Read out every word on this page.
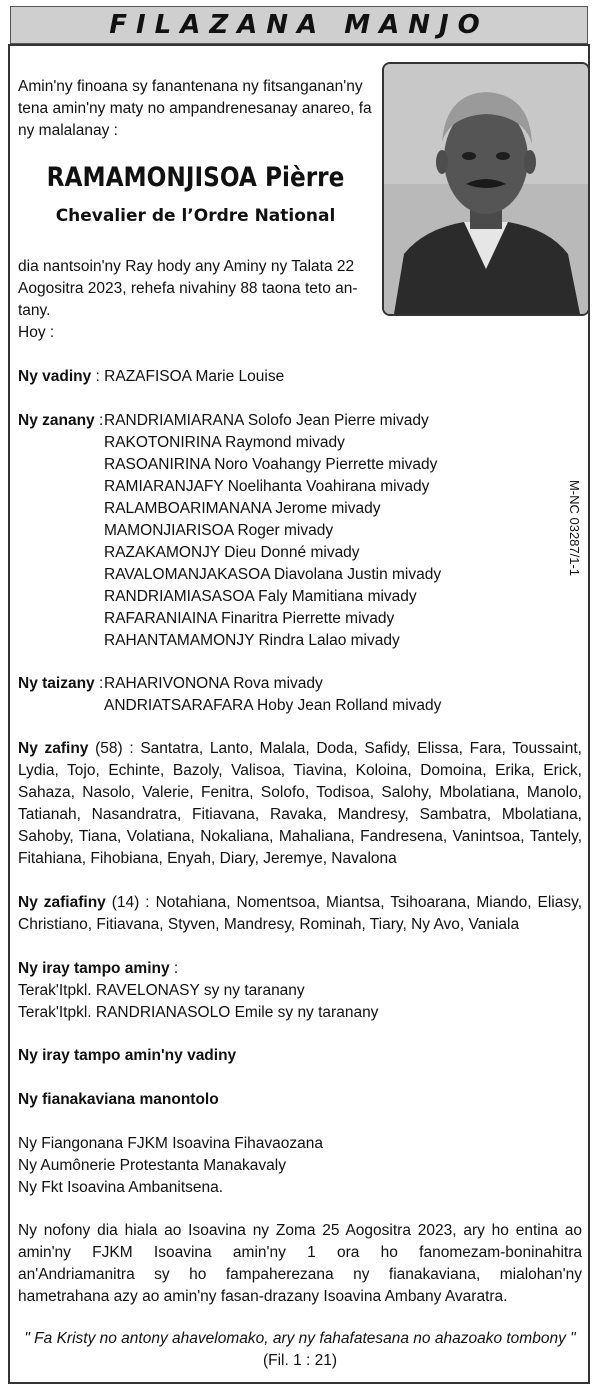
FILAZANA MANJO
Amin'ny finoana sy fanantenana ny fitsanganan'ny tena amin'ny maty no ampandrenesanay anareo, fa ny malalanay :
RAMAMONJISOA Pièrre
Chevalier de l’Ordre National
dia nantsoin'ny Ray hody any Aminy ny Talata 22 Aogositra 2023, rehefa nivahiny 88 taona teto an-tany.
Hoy :
Ny vadiny : RAZAFISOA Marie Louise
Ny zanany : RANDRIAMIARANA Solofo Jean Pierre mivady
RAKOTONIRINA Raymond mivady
RASOANIRINA Noro Voahangy Pierrette mivady
RAMIARANJAFY Noelihanta Voahirana mivady
RALAMBOARIMANANA Jerome mivady
MAMONJIARISOA Roger mivady
RAZAKAMONJY Dieu Donné mivady
RAVALOMANJAKASOA Diavolana Justin mivady
RANDRIAMIASASOA Faly Mamitiana mivady
RAFARANIAINA Finaritra Pierrette mivady
RAHANTAMAMONJY Rindra Lalao mivady
Ny taizany : RAHARIVONONA Rova mivady
ANDRIATSARAFARA Hoby Jean Rolland mivady
Ny zafiny (58) : Santatra, Lanto, Malala, Doda, Safidy, Elissa, Fara, Toussaint, Lydia, Tojo, Echinte, Bazoly, Valisoa, Tiavina, Koloina, Domoina, Erika, Erick, Sahaza, Nasolo, Valerie, Fenitra, Solofo, Todisoa, Salohy, Mbolatiana, Manolo, Tatianah, Nasandratra, Fitiavana, Ravaka, Mandresy, Sambatra, Mbolatiana, Sahoby, Tiana, Volatiana, Nokaliana, Mahaliana, Fandresena, Vanintsoa, Tantely, Fitahiana, Fihobiana, Enyah, Diary, Jeremye, Navalona
Ny zafiafiny (14) : Notahiana, Nomentsoa, Miantsa, Tsihoarana, Miando, Eliasy, Christiano, Fitiavana, Styven, Mandresy, Rominah, Tiary, Ny Avo, Vaniala
Ny iray tampo aminy :
Terak'Itpkl. RAVELONASY sy ny taranany
Terak'Itpkl. RANDRIANASOLO Emile sy ny taranany
Ny iray tampo amin'ny vadiny
Ny fianakaviana manontolo
Ny Fiangonana FJKM Isoavina Fihavaozana
Ny Aumônerie Protestanta Manakavaly
Ny Fkt Isoavina Ambanitsena.
Ny nofony dia hiala ao Isoavina ny Zoma 25 Aogositra 2023, ary ho entina ao amin'ny FJKM Isoavina amin'ny 1 ora ho fanomezam-boninahitra an'Andriamanitra sy ho fampaherezana ny fianakaviana, mialohan'ny hametrahana azy ao amin'ny fasan-drazany Isoavina Ambany Avaratra.
" Fa Kristy no antony ahavelomako, ary ny fahafatesana no ahazoako tombony "
(Fil. 1 : 21)
M-NC 03287/1-1
